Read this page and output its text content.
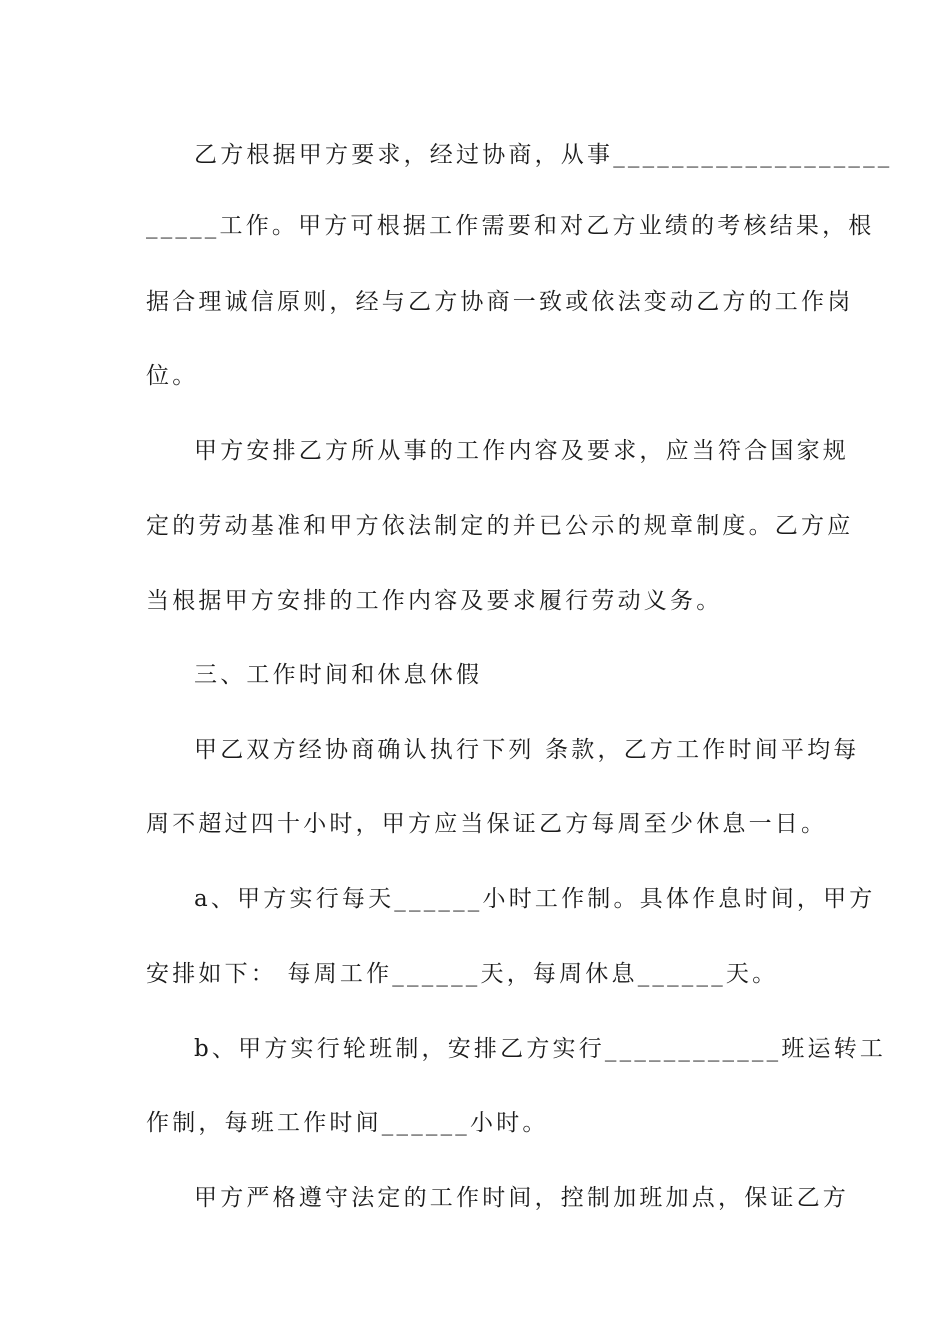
乙方根据甲方要求，经过协商，从事___________________
_____工作。甲方可根据工作需要和对乙方业绩的考核结果，根
据合理诚信原则，经与乙方协商一致或依法变动乙方的工作岗
位。
甲方安排乙方所从事的工作内容及要求，应当符合国家规
定的劳动基准和甲方依法制定的并已公示的规章制度。乙方应
当根据甲方安排的工作内容及要求履行劳动义务。
三、工作时间和休息休假
甲乙双方经协商确认执行下列 条款，乙方工作时间平均每
周不超过四十小时，甲方应当保证乙方每周至少休息一日。
a、甲方实行每天______小时工作制。具体作息时间，甲方
安排如下： 每周工作______天，每周休息______天。
b、甲方实行轮班制，安排乙方实行____________班运转工
作制，每班工作时间______小时。
甲方严格遵守法定的工作时间，控制加班加点，保证乙方
